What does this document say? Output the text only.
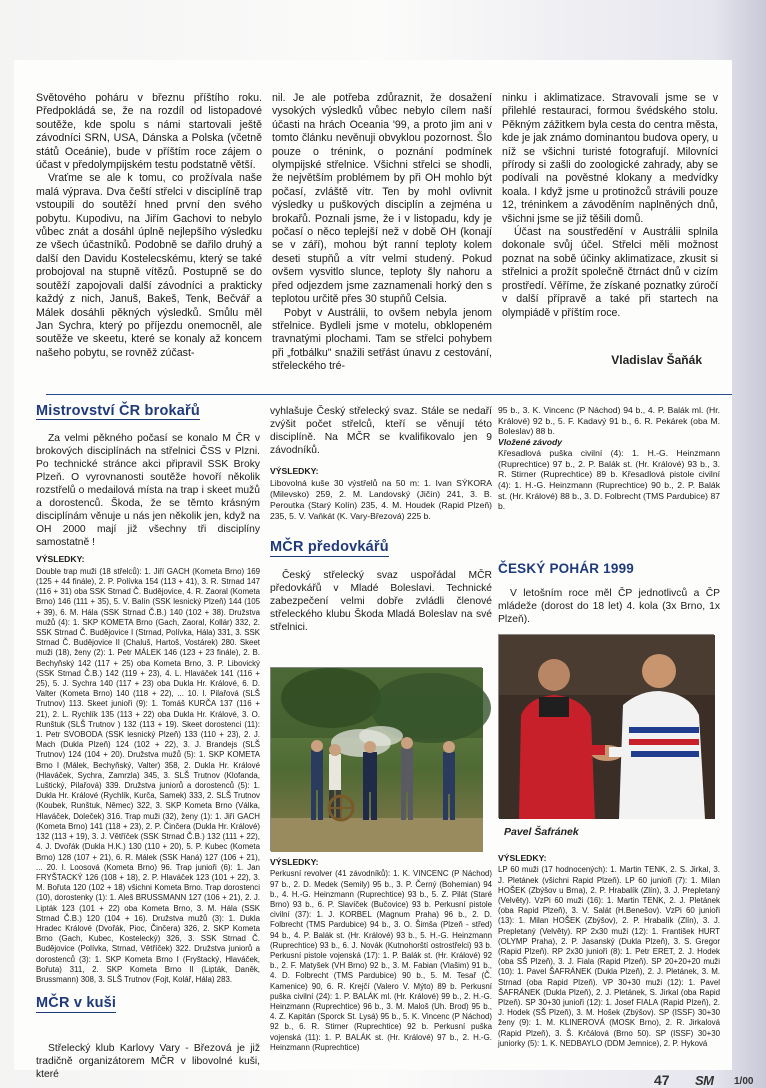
Světového poháru v březnu příštího roku. Předpokládá se, že na rozdíl od listopadové soutěže, kde spolu s námi startovali ještě závodníci SRN, USA, Dánska a Polska (včetně států Oceánie), bude v příštím roce zájem o účast v předolympijském testu podstatně větší.

Vraťme se ale k tomu, co prožívala naše malá výprava. Dva čeští střelci v disciplíně trap vstoupili do soutěží hned první den svého pobytu. Kupodivu, na Jiřím Gachovi to nebylo vůbec znát a dosáhl úplně nejlepšího výsledku ze všech účastníků. Podobně se dařilo druhý a další den Davidu Kostelecskému, který se také probojoval na stupně vítězů. Postupně se do soutěží zapojovali další závodníci a prakticky každý z nich, Januš, Bakeš, Tenk, Bečvář a Málek dosáhli pěkných výsledků. Smůlu měl Jan Sychra, který po příjezdu onemocněl, ale soutěže ve skeetu, které se konaly až koncem našeho pobytu, se rovněž zúčast-

nil. Je ale potřeba zdůraznit, že dosažení vysokých výsledků vůbec nebylo cílem naší účasti na hrách Oceania '99, a proto jim ani v tomto článku nevěnuji obvyklou pozornost. Šlo pouze o trénink, o poznání podmínek olympijské střelnice. Všichni střelci se shodli, že největším problémem by při OH mohlo být počasí, zvláště vítr. Ten by mohl ovlivnit výsledky u puškových disciplín a zejména u brokařů. Poznali jsme, že i v listopadu, kdy je počasí o něco teplejší než v době OH (konají se v září), mohou být ranní teploty kolem deseti stupňů a vítr velmi studený. Pokud ovšem vysvitlo slunce, teploty šly nahoru a před odjezdem jsme zaznamenali horký den s teplotou určitě přes 30 stupňů Celsia.

Pobyt v Austrálii, to ovšem nebyla jenom střelnice. Bydleli jsme v motelu, obklopeném travnatými plochami. Tam se střelci pohybem při „fotbálku" snažili setřást únavu z cestování, střeleckého tré-

ninku i aklimatizace. Stravovali jsme se v přilehlé restauraci, formou švédského stolu. Pěkným zážitkem byla cesta do centra města, kde je jak známo dominantou budova opery, u níž se všichni turisté fotografují. Milovníci přírody si zašli do zoologické zahrady, aby se podívali na pověstné klokany a medvídky koala. I když jsme u protinožců strávili pouze 12, tréninkem a závoděním naplněných dnů, všichni jsme se již těšili domů.

Účast na soustředění v Austrálii splnila dokonale svůj účel. Střelci měli možnost poznat na sobě účinky aklimatizace, zkusit si střelnici a prožít společně čtrnáct dnů v cizím prostředí. Věříme, že získané poznatky zúročí v další přípravě a také při startech na olympiádě v příštím roce.

Vladislav Šaňák
Mistrovství ČR brokařů

Za velmi pěkného počasí se konalo M ČR v brokových disciplínách na střelnici ČSS v Plzni. Po technické stránce akci připravil SSK Broky Plzeň. O vyrovnanosti soutěže hovoří několik rozstřelů o medailová místa na trap i skeet mužů a dorostenců. Škoda, že se těmto krásným disciplínám věnuje u nás jen několik jen, když na OH 2000 mají již všechny tři disciplíny samostatně !

VÝSLEDKY:
Double trap muži (18 střelců): 1. Jiří GACH (Kometa Brno) 169 (125 + 44 finále), 2. P. Polívka 154 (113 + 41), 3. R. Strnad 147 (116 + 31) oba SSK Strnad Č. Budějovice, 4. R. Zaoral (Kometa Brno) 146 (111 + 35), 5. V. Balín (SSK lesnický Plzeň) 144 (105 + 39), 6. M. Hála (SSK Strnad Č.B.) 140 (102 + 38). Družstva mužů (4): 1. SKP KOMETA Brno (Gach, Zaoral, Kollár) 332, 2. SSK Strnad Č. Budějovice I (Strnad, Polívka, Hála) 331, 3. SSK Strnad Č. Budějovice II (Chaluš, Hartoš, Vostárek) 280. Skeet muži (18), ženy (2): 1. Petr MÁLEK 146 (123 + 23 finále), 2. B. Bechyňský 142 (117 + 25) oba Kometa Brno, 3. P. Libovický (SSK Strnad Č.B.) 142 (119 + 23), 4. L. Hlaváček 141 (116 + 25), 5. J. Sychra 140 (117 + 23) oba Dukla Hr. Králové, 6. D. Valter (Kometa Brno) 140 (118 + 22), ... 10. I. Pilařová (SLŠ Trutnov) 113. Skeet junioři (9): 1. Tomáš KURČA 137 (116 + 21), 2. L. Rychlík 135 (113 + 22) oba Dukla Hr. Králové, 3. O. Runštuk (SLŠ Trutnov ) 132 (113 + 19). Skeet dorostenci (11): 1. Petr SVOBODA (SSK lesnický Plzeň) 133 (110 + 23), 2. J. Mach (Dukla Plzeň) 124 (102 + 22), 3. J. Brandejs (SLŠ Trutnov) 124 (104 + 20). Družstva mužů (5): 1. SKP KOMETA Brno I (Málek, Bechyňský, Valter) 358, 2. Dukla Hr. Králové (Hlaváček, Sychra, Zamrzla) 345, 3. SLŠ Trutnov (Klofanda, Luštický, Pilařová) 339. Družstva juniorů a dorostenců (5): 1. Dukla Hr. Králové (Rychlík, Kurča, Samek) 333, 2. SLŠ Trutnov (Koubek, Runštuk, Němec) 322, 3. SKP Kometa Brno (Válka, Hlaváček, Doleček) 316. Trap muži (32), ženy (1): 1. Jiří GACH (Kometa Brno) 141 (118 + 23), 2. P. Činčera (Dukla Hr. Králové) 132 (113 + 19), 3. J. Větříček (SSK Strnad Č.B.) 132 (111 + 22), 4. J. Dvořák (Dukla H.K.) 130 (110 + 20), 5. P. Kubec (Kometa Brno) 128 (107 + 21), 6. R. Málek (SSK Haná) 127 (106 + 21), ... 20. I. Loosová (Kometa Brno) 96. Trap junioři (6): 1. Jan FRYŠTACKÝ 126 (108 + 18), 2. P. Hlaváček 123 (101 + 22), 3. M. Bořuta 120 (102 + 18) všichni Kometa Brno. Trap dorostenci (10), dorostenky (1): 1. Aleš BRUSSMANN 127 (106 + 21), 2. J. Lipták 123 (101 + 22) oba Kometa Brno, 3. M. Hála (SSK Strnad Č.B.) 120 (104 + 16). Družstva mužů (3): 1. Dukla Hradec Králové (Dvořák, Pioc, Činčera) 326, 2. SKP Kometa Brno (Gach, Kubec, Kostelecký) 326, 3. SSK Strnad Č. Budějovice (Polívka, Strnad, Větříček) 322. Družstva juniorů a dorostenců (3): 1. SKP Kometa Brno I (Fryštacký, Hlaváček, Bořuta) 311, 2. SKP Kometa Brno II (Lipták, Daněk, Brussmann) 308, 3. SLŠ Trutnov (Fojt, Kolář, Hála) 283.
MČR v kuši

Střelecký klub Karlovy Vary - Březová je již tradičně organizátorem MČR v libovolné kuši, které

vyhlašuje Český střelecký svaz. Stále se nedaří zvýšit počet střelců, kteří se věnují této disciplíně. Na MČR se kvalifikovalo jen 9 závodníků.

VÝSLEDKY:
Libovolná kuše 30 výstřelů na 50 m: 1. Ivan SÝKORA (Milevsko) 259, 2. M. Landovský (Jičín) 241, 3. B. Peroutka (Starý Kolín) 235, 4. M. Houdek (Rapid Plzeň) 235, 5. V. Vaňkát (K. Vary-Březová) 225 b.
MČR předovkářů

Český střelecký svaz uspořádal MČR předovkářů v Mladé Boleslavi. Technické zabezpečení velmi dobře zvládli členové střeleckého klubu Škoda Mladá Boleslav na své střelnici.

VÝSLEDKY:
Perkusní revolver (41 závodníků): 1. K. VINCENC (P Náchod) 97 b., 2. D. Medek (Semily) 95 b., 3. P. Černý (Bohemian) 94 b., 4. H.-G. Heinzmann (Ruprechtice) 93 b., 5. Z. Pilát (Staré Brno) 93 b., 6. P. Slavíček (Bučovice) 93 b. Perkusní pistole civilní (37): 1. J. KORBEL (Magnum Praha) 96 b., 2. D. Folbrecht (TMS Pardubice) 94 b., 3. O. Šimša (Plzeň - střed) 94 b., 4. P. Balák st. (Hr. Králové) 93 b., 5. H.-G. Heinzmann (Ruprechtice) 93 b., 6. J. Novák (Kutnohorští ostrostřelci) 93 b. Perkusní pistole vojenská (17): 1. P. Balák st. (Hr. Králové) 92 b., 2. F. Matyšek (VH Brno) 92 b., 3. M. Fabian (Vlašim) 91 b., 4. D. Folbrecht (TMS Pardubice) 90 b., 5. M. Tesař (Č. Kamenice) 90, 6. R. Krejčí (Valero V. Mýto) 89 b. Perkusní puška civilní (24): 1. P. BALÁK ml. (Hr. Králové) 99 b., 2. H.-G. Heinzmann (Ruprechtice) 96 b., 3. M. Maloš (Uh. Brod) 95 b., 4. Z. Kapitán (Sporck St. Lysá) 95 b., 5. K. Vincenc (P Náchod) 92 b., 6. R. Stirner (Ruprechtice) 92 b. Perkusní puška vojenská (11): 1. P. BALÁK st. (Hr. Králové) 97 b., 2. H.-G. Heinzmann (Ruprechtice)
95 b., 3. K. Vincenc (P Náchod) 94 b., 4. P. Balák ml. (Hr. Králové) 92 b., 5. F. Kadavý 91 b., 6. R. Pekárek (oba M. Boleslav) 88 b.
Vložené závody
Křesadlová puška civilní (4): 1. H.-G. Heinzmann (Ruprechtice) 97 b., 2. P. Balák st. (Hr. Králové) 93 b., 3. R. Stirner (Ruprechtice) 89 b. Křesadlová pistole civilní (4): 1. H.-G. Heinzmann (Ruprechtice) 90 b., 2. P. Balák st. (Hr. Králové) 88 b., 3. D. Folbrecht (TMS Pardubice) 87 b.
ČESKÝ POHÁR 1999

V letošním roce měl ČP jednotlivců a ČP mládeže (dorost do 18 let) 4. kola (3x Brno, 1x Plzeň).

Pavel Šafránek
VÝSLEDKY:
LP 60 muži (17 hodnocených): 1. Martin TENK, 2. S. Jirkal, 3. J. Pletánek (všichni Rapid Plzeň). LP 60 junioři (7): 1. Milan HOŠEK (Zbýšov u Brna), 2. P. Hrabalík (Zlín), 3. J. Prepletaný (Velvěty). VzPi 60 muži (16): 1. Martin TENK, 2. J. Pletánek (oba Rapid Plzeň), 3. V. Salát (H.Benešov). VzPi 60 junioři (13): 1. Milan HOŠEK (Zbýšov), 2. P. Hrabalík (Zlín), 3. J. Prepletaný (Velvěty). RP 2x30 muži (12): 1. František HURT (OLYMP Praha), 2. P. Jasanský (Dukla Plzeň), 3. S. Gregor (Rapid Plzeň). RP 2x30 junioři (8): 1. Petr ERET, 2. J. Hodek (oba SŠ Plzeň), 3. J. Fiala (Rapid Plzeň). SP 20+20+20 muži (10): 1. Pavel ŠAFRÁNEK (Dukla Plzeň), 2. J. Pletánek, 3. M. Strnad (oba Rapid Plzeň). VP 30+30 muži (12): 1. Pavel ŠAFRÁNEK (Dukla Plzeň), 2. J. Pletánek, S. Jirkal (oba Rapid Plzeň). SP 30+30 junioři (12): 1. Josef FIALA (Rapid Plzeň), 2. J. Hodek (SŠ Plzeň), 3. M. Hošek (Zbýšov). SP (ISSF) 30+30 ženy (9): 1. M. KLINEROVÁ (MOSK Brno), 2. R. Jirkalová (Rapid Plzeň), 3. Š. Krčálová (Brno 50). SP (ISSF) 30+30 juniorky (5): 1. K. NEDBAYLO (DDM Jemnice), 2. P. Hyková
47 SM 1/00
